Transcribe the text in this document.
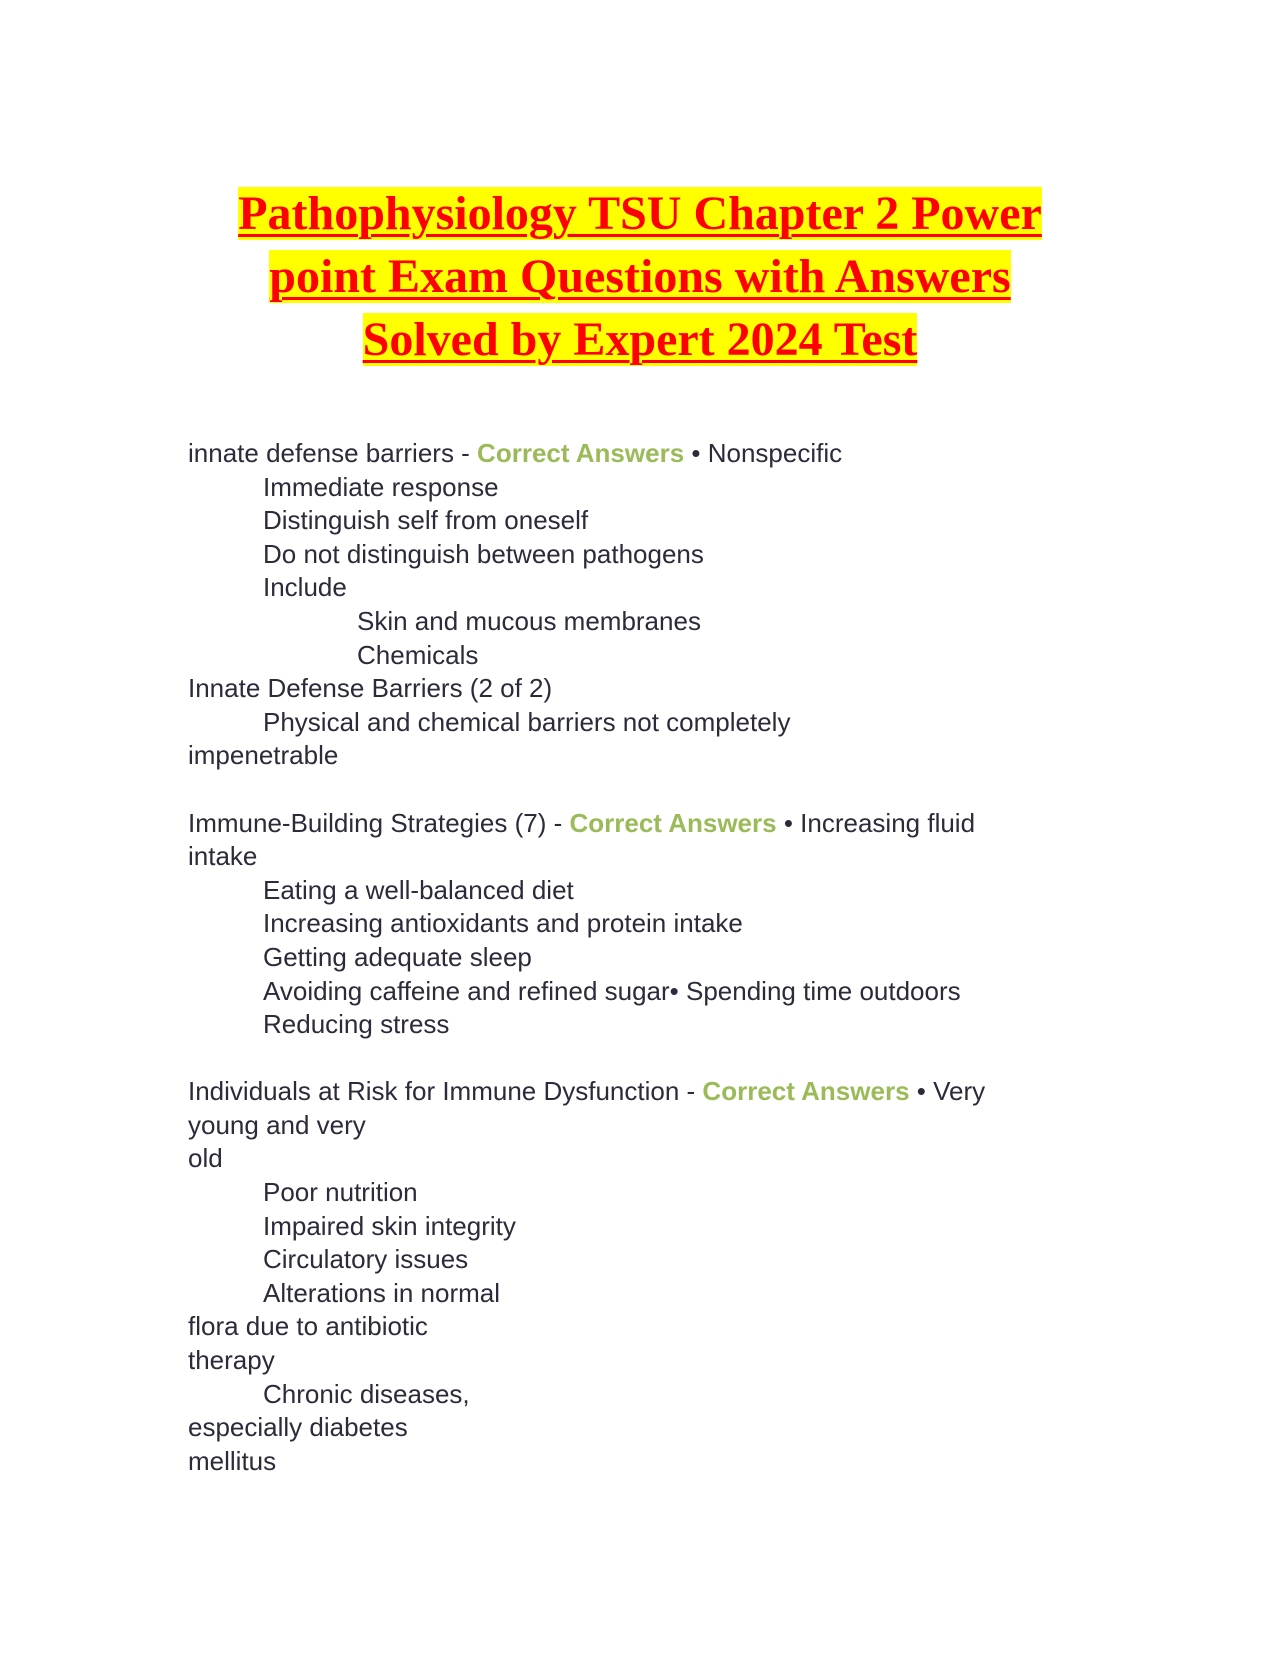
Pathophysiology TSU Chapter 2 Power
point Exam Questions with Answers
Solved by Expert 2024 Test
innate defense barriers - Correct Answers • Nonspecific
Immediate response
Distinguish self from oneself
Do not distinguish between pathogens
Include
Skin and mucous membranes
Chemicals
Innate Defense Barriers (2 of 2)
Physical and chemical barriers not completely
impenetrable
Immune-Building Strategies (7) - Correct Answers • Increasing fluid
intake
Eating a well-balanced diet
Increasing antioxidants and protein intake
Getting adequate sleep
Avoiding caffeine and refined sugar• Spending time outdoors
Reducing stress
Individuals at Risk for Immune Dysfunction - Correct Answers • Very
young and very
old
Poor nutrition
Impaired skin integrity
Circulatory issues
Alterations in normal
flora due to antibiotic
therapy
Chronic diseases,
especially diabetes
mellitus
